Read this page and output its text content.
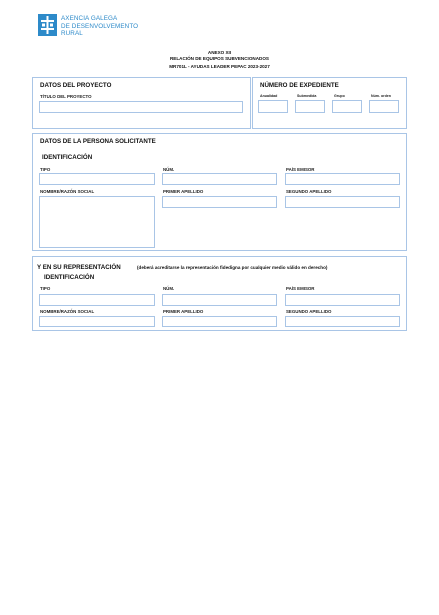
AXENCIA GALEGA
DE DESENVOLVEMENTO
RURAL
ANEXO XII
RELACIÓN DE EQUIPOS SUBVENCIONADOS
MR701L - AYUDAS LEADER PEPAC 2023-2027
DATOS DEL PROYECTO
TÍTULO DEL PROYECTO
NÚMERO DE EXPEDIENTE
Anualidad	Submedida	Grupo	Núm. orden
DATOS DE LA PERSONA SOLICITANTE
IDENTIFICACIÓN
TIPO	NÚM.	PAÍS EMISOR
NOMBRE/RAZÓN SOCIAL	PRIMER APELLIDO	SEGUNDO APELLIDO
Y EN SU REPRESENTACIÓN	(deberá acreditarse la representación fidedigna por cualquier medio válido en derecho)
IDENTIFICACIÓN
TIPO	NÚM.	PAÍS EMISOR
NOMBRE/RAZÓN SOCIAL	PRIMER APELLIDO	SEGUNDO APELLIDO
